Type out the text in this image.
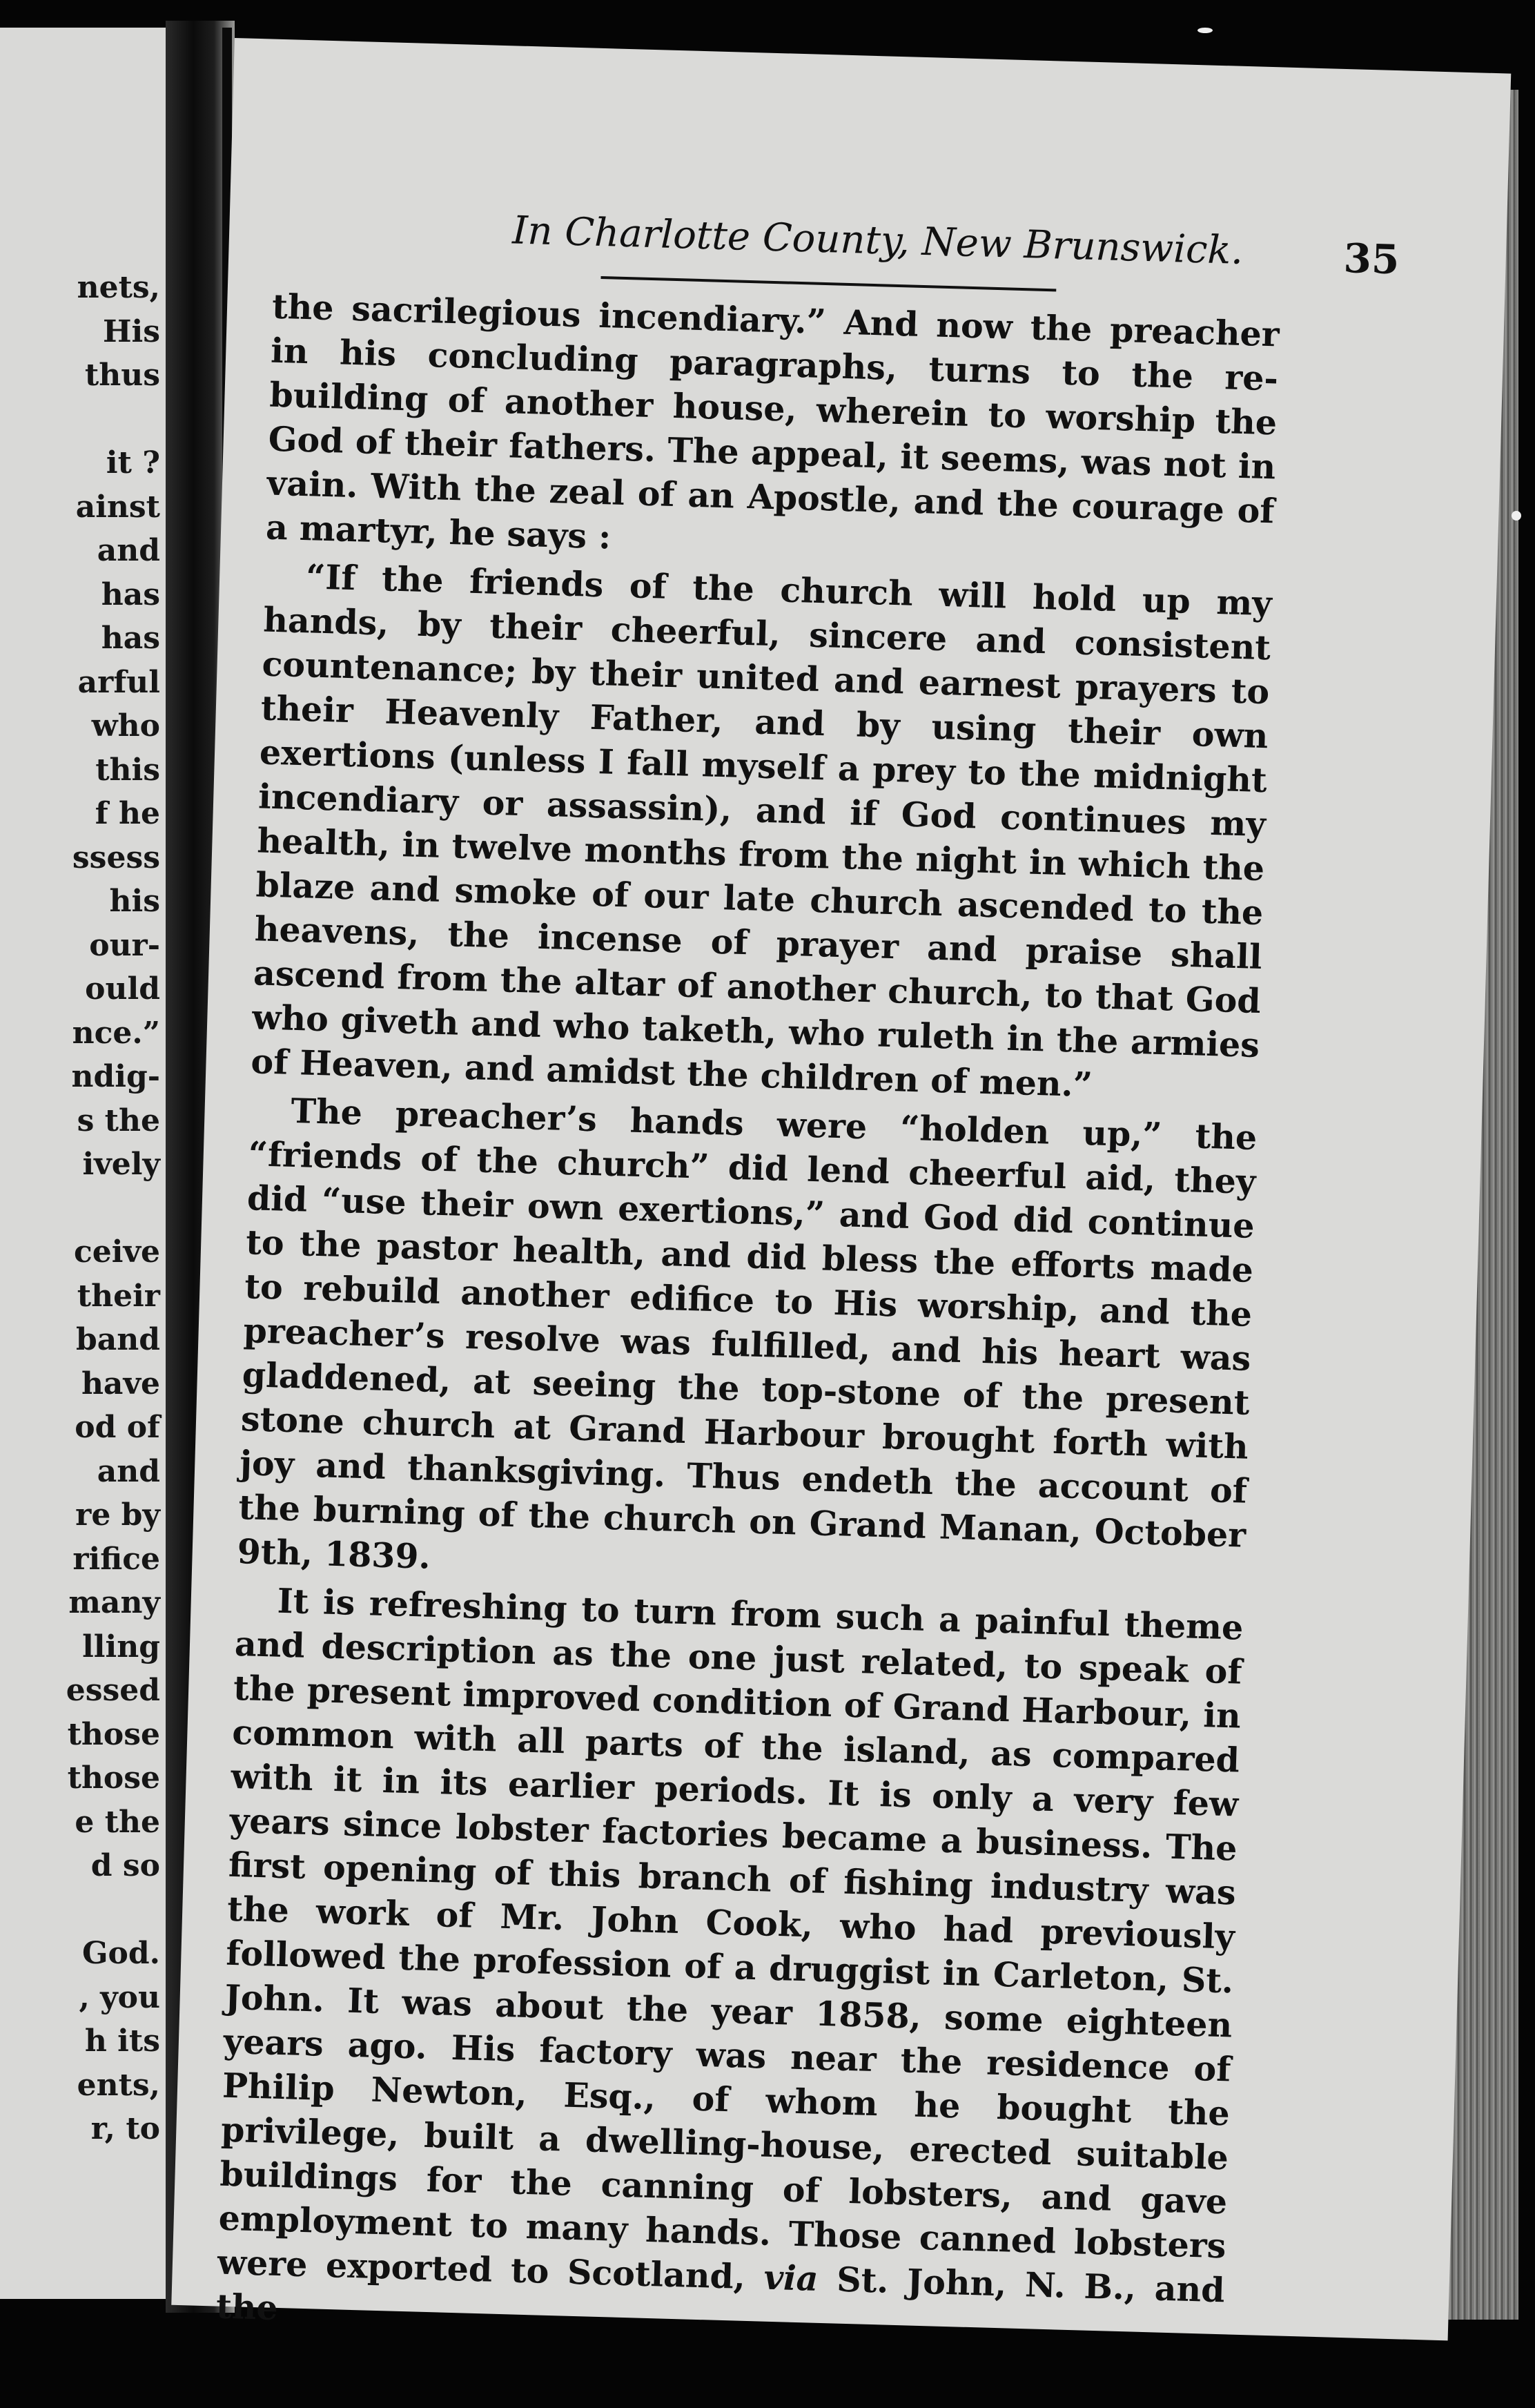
nets,
His
thus
it ?
ainst
and
has
has
arful
who
this
f he
ssess
his
our-
ould
nce.”
ndig-
s the
ively
ceive
their
band
have
od of
and
re by
rifice
many
lling
essed
those
those
e the
d so
God.
, you
h its
ents,
r, to
In Charlotte County, New Brunswick.	35

the sacrilegious incendiary.” And now the preacher in his concluding paragraphs, turns to the re-building of another house, wherein to worship the God of their fathers. The appeal, it seems, was not in vain. With the zeal of an Apostle, and the courage of a martyr, he says :

“If the friends of the church will hold up my hands, by their cheerful, sincere and consistent countenance; by their united and earnest prayers to their Heavenly Father, and by using their own exertions (unless I fall myself a prey to the midnight incendiary or assassin), and if God continues my health, in twelve months from the night in which the blaze and smoke of our late church ascended to the heavens, the incense of prayer and praise shall ascend from the altar of another church, to that God who giveth and who taketh, who ruleth in the armies of Heaven, and amidst the children of men.”

The preacher’s hands were “holden up,” the “friends of the church” did lend cheerful aid, they did “use their own exertions,” and God did continue to the pastor health, and did bless the efforts made to rebuild another edifice to His worship, and the preacher’s resolve was fulfilled, and his heart was gladdened, at seeing the top-stone of the present stone church at Grand Harbour brought forth with joy and thanksgiving. Thus endeth the account of the burning of the church on Grand Manan, October 9th, 1839.

It is refreshing to turn from such a painful theme and description as the one just related, to speak of the present improved condition of Grand Harbour, in common with all parts of the island, as compared with it in its earlier periods. It is only a very few years since lobster factories became a business. The first opening of this branch of fishing industry was the work of Mr. John Cook, who had previously followed the profession of a druggist in Carleton, St. John. It was about the year 1858, some eighteen years ago. His factory was near the residence of Philip Newton, Esq., of whom he bought the privilege, built a dwelling-house, erected suitable buildings for the canning of lobsters, and gave employment to many hands. Those canned lobsters were exported to Scotland, via St. John, N. B., and the
